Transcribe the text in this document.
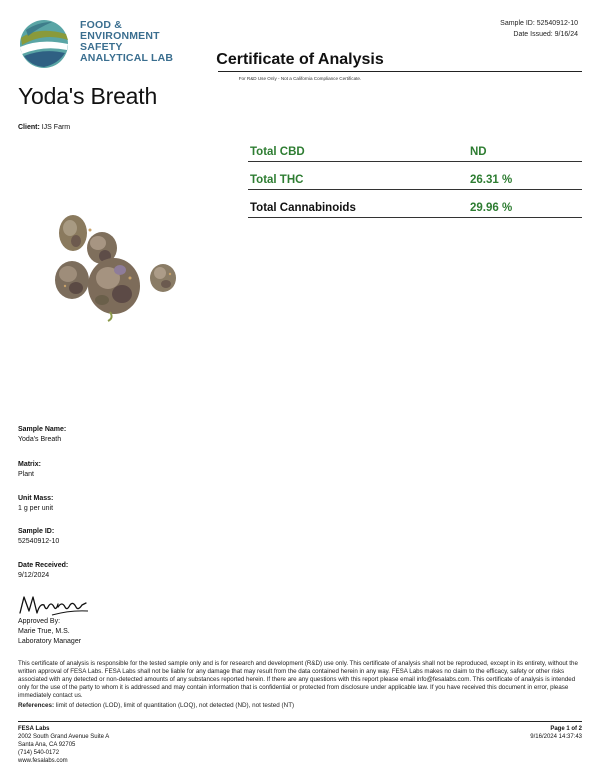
FOOD &
ENVIRONMENT
SAFETY
ANALYTICAL LAB
Sample ID: 52540912-10
Date Issued: 9/16/24
Certificate of Analysis
For R&D Use Only - Not a California Compliance Certificate.
Yoda's Breath
Client: IJS Farm
Total CBD	ND
Total THC	26.31 %
Total Cannabinoids	29.96 %
Sample Name:
Yoda's Breath
Matrix:
Plant
Unit Mass:
1 g per unit
Sample ID:
52540912-10
Date Received:
9/12/2024
Approved By:
Marie True, M.S.
Laboratory Manager
This certificate of analysis is responsible for the tested sample only and is for research and development (R&D) use only. This certificate of analysis shall not be reproduced, except in its entirety, without the written approval of FESA Labs. FESA Labs shall not be liable for any damage that may result from the data contained herein in any way. FESA Labs makes no claim to the efficacy, safety or other risks associated with any detected or non-detected amounts of any substances reported herein. If there are any questions with this report please email info@fesalabs.com. This certificate of analysis is intended only for the use of the party to whom it is addressed and may contain information that is confidential or protected from disclosure under applicable law. If you have received this document in error, please immediately contact us.
References: limit of detection (LOD), limit of quantitation (LOQ), not detected (ND), not tested (NT)
FESA Labs
2002 South Grand Avenue Suite A
Santa Ana, CA 92705
(714) 540-0172
www.fesalabs.com
Page 1 of 2
9/16/2024 14:37:43
